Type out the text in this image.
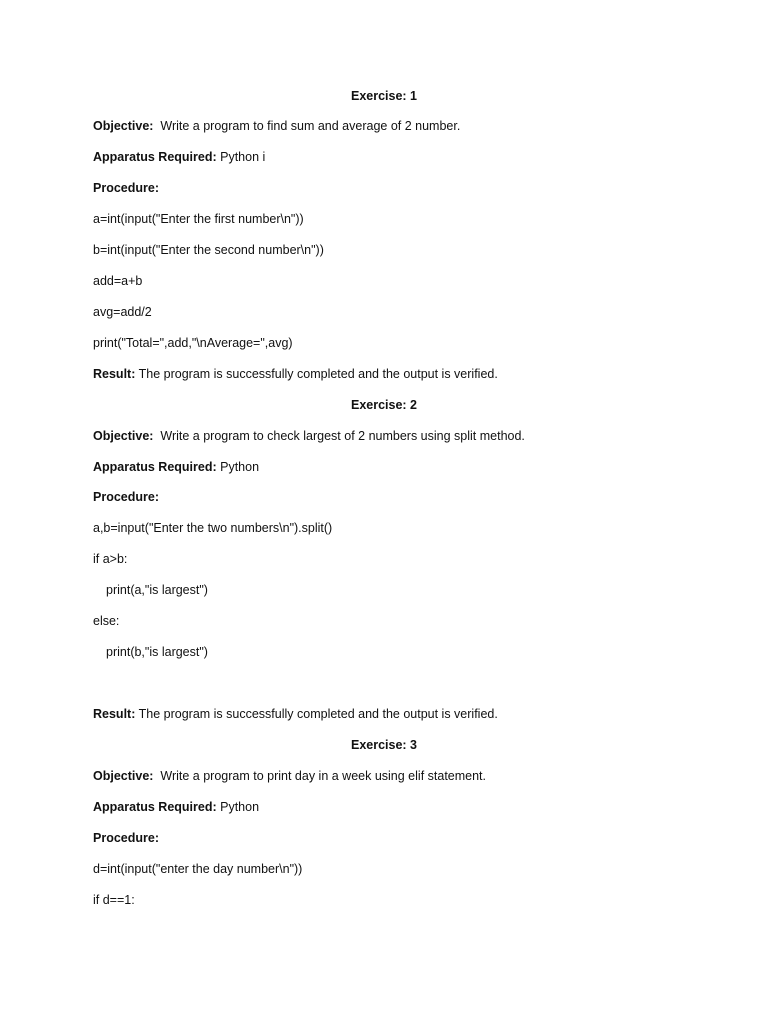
Exercise: 1
Objective:  Write a program to find sum and average of 2 number.
Apparatus Required: Python i
Procedure:
a=int(input("Enter the first number\n"))
b=int(input("Enter the second number\n"))
add=a+b
avg=add/2
print("Total=",add,"\nAverage=",avg)
Result: The program is successfully completed and the output is verified.
Exercise: 2
Objective:  Write a program to check largest of 2 numbers using split method.
Apparatus Required: Python
Procedure:
a,b=input("Enter the two numbers\n").split()
if a>b:
print(a,"is largest")
else:
print(b,"is largest")
Result: The program is successfully completed and the output is verified.
Exercise: 3
Objective:  Write a program to print day in a week using elif statement.
Apparatus Required: Python
Procedure:
d=int(input("enter the day number\n"))
if d==1:
